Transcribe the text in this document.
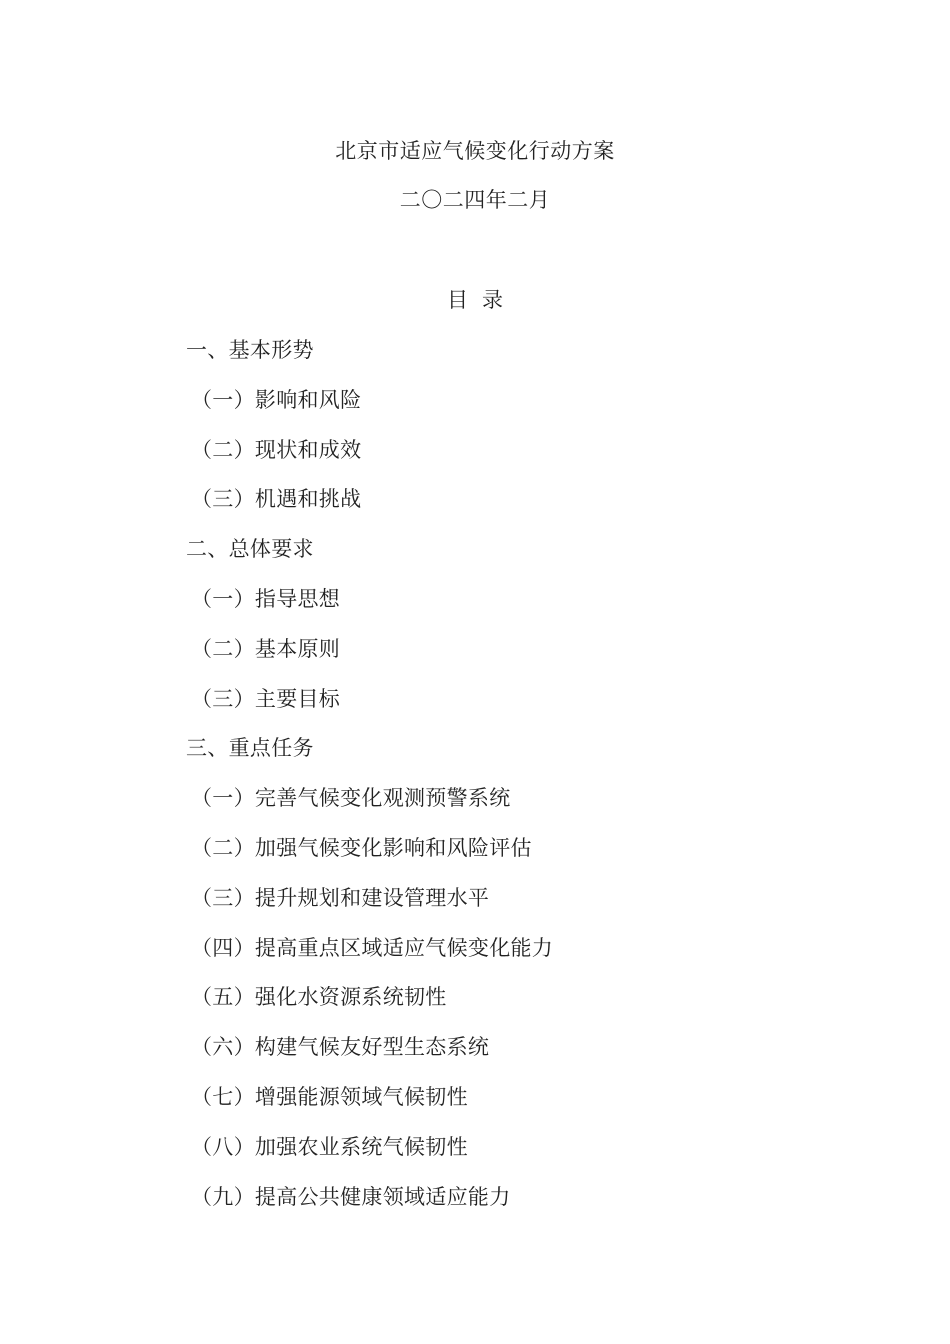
北京市适应气候变化行动方案
二〇二四年二月
目 录
一、基本形势
（一）影响和风险
（二）现状和成效
（三）机遇和挑战
二、总体要求
（一）指导思想
（二）基本原则
（三）主要目标
三、重点任务
（一）完善气候变化观测预警系统
（二）加强气候变化影响和风险评估
（三）提升规划和建设管理水平
（四）提高重点区域适应气候变化能力
（五）强化水资源系统韧性
（六）构建气候友好型生态系统
（七）增强能源领域气候韧性
（八）加强农业系统气候韧性
（九）提高公共健康领域适应能力
